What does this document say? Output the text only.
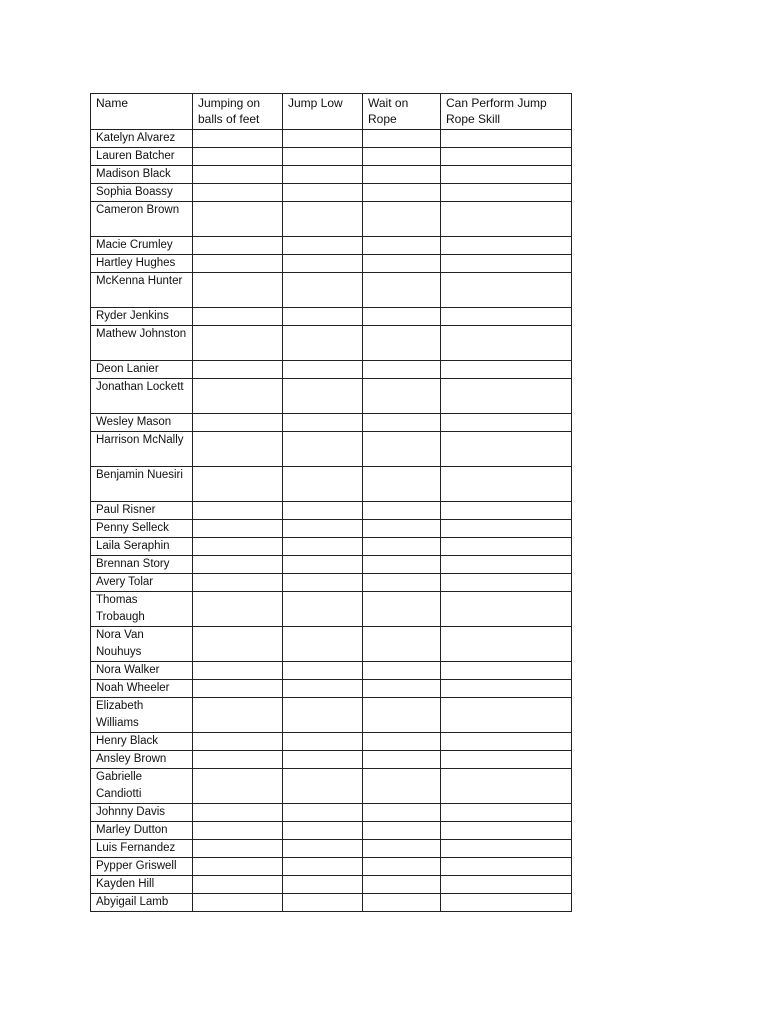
Name	Jumping on balls of feet	Jump Low	Wait on Rope	Can Perform Jump Rope Skill
Katelyn Alvarez				
Lauren Batcher				
Madison Black				
Sophia Boassy				
Cameron Brown				
Macie Crumley				
Hartley Hughes				
McKenna Hunter				
Ryder Jenkins				
Mathew Johnston				
Deon Lanier				
Jonathan Lockett				
Wesley Mason				
Harrison McNally				
Benjamin Nuesiri				
Paul Risner				
Penny Selleck				
Laila Seraphin				
Brennan Story				
Avery Tolar				
Thomas Trobaugh				
Nora Van Nouhuys				
Nora Walker				
Noah Wheeler				
Elizabeth Williams				
Henry Black				
Ansley Brown				
Gabrielle Candiotti				
Johnny Davis				
Marley Dutton				
Luis Fernandez				
Pypper Griswell				
Kayden Hill				
Abyigail Lamb				
